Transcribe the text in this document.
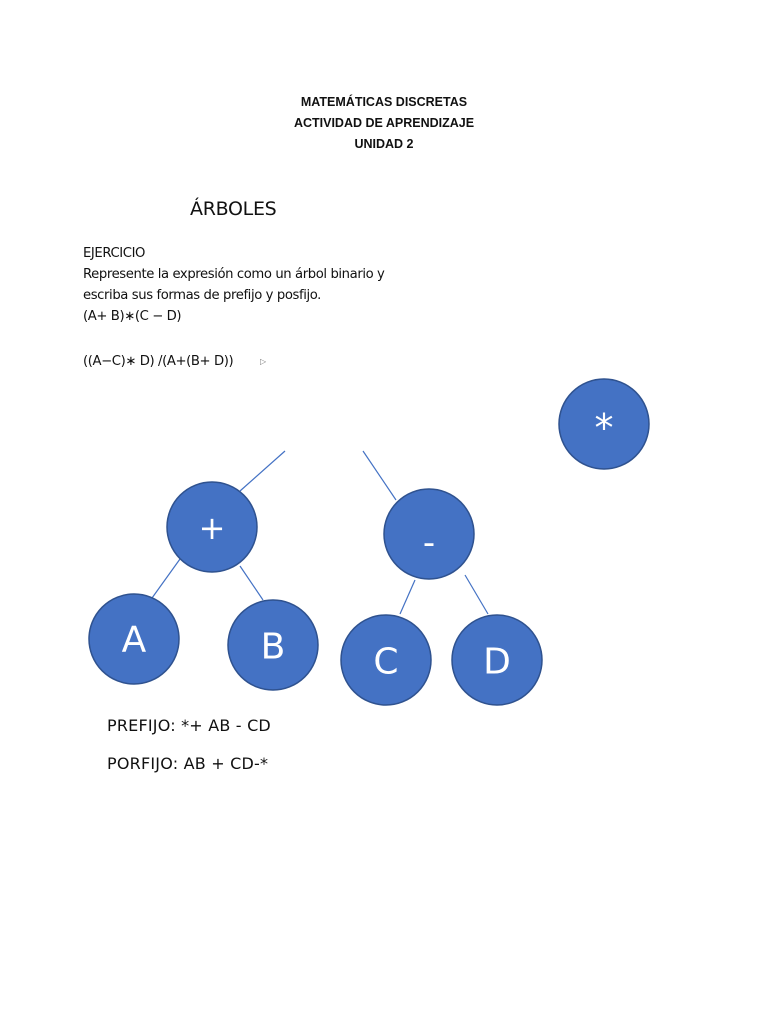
MATEMÁTICAS DISCRETAS
ACTIVIDAD DE APRENDIZAJE
UNIDAD 2
ÁRBOLES
EJERCICIO
Represente la expresión como un árbol binario y
escriba sus formas de prefijo y posfijo.
(A+ B)∗(C − D)
((A−C)∗ D) /(A+(B+ D))	▷
*
+	-
A	B C D
PREFIJO: *+ AB - CD
PORFIJO: AB + CD-*
